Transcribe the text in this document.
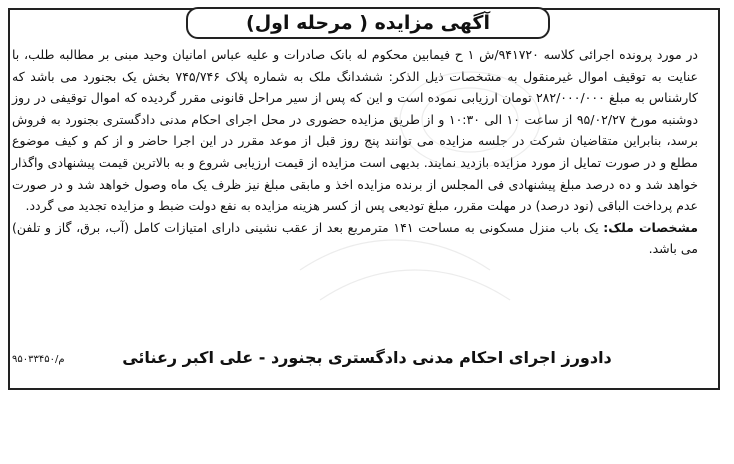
آگهی مزایده ( مرحله اول)

در مورد پرونده اجرائی کلاسه ۹۴۱۷۲۰/ش ۱ ح فیمابین محکوم له بانک صادرات و علیه عباس امانیان وحید مبنی بر مطالبه طلب، با عنایت به توقیف اموال غیرمنقول به مشخصات ذیل الذکر: ششدانگ ملک به شماره پلاک ۷۴۵/۷۴۶ بخش یک بجنورد می باشد که کارشناس به مبلغ ۲۸۲/۰۰۰/۰۰۰ تومان ارزیابی نموده است و این که پس از سیر مراحل قانونی مقرر گردیده که اموال توقیفی در روز دوشنبه مورخ ۹۵/۰۲/۲۷ از ساعت ۱۰ الی ۱۰:۳۰ و از طریق مزایده حضوری در محل اجرای احکام مدنی دادگستری بجنورد به فروش برسد، بنابراین متقاضیان شرکت در جلسه مزایده می توانند پنج روز قبل از موعد مقرر در این اجرا حاضر و از کم و کیف موضوع مطلع و در صورت تمایل از مورد مزایده بازدید نمایند. بدیهی است مزایده از قیمت ارزیابی شروع و به بالاترین قیمت پیشنهادی واگذار خواهد شد و ده درصد مبلغ پیشنهادی فی المجلس از برنده مزایده اخذ و مابقی مبلغ نیز ظرف یک ماه وصول خواهد شد و در صورت عدم پرداخت الباقی (نود درصد) در مهلت مقرر، مبلغ تودیعی پس از کسر هزینه مزایده به نفع دولت ضبط و مزایده تجدید می گردد.

مشخصات ملک: یک باب منزل مسکونی به مساحت ۱۴۱ مترمربع بعد از عقب نشینی دارای امتیازات کامل (آب، برق، گاز و تلفن) می باشد.

دادورز اجرای احکام مدنی دادگستری بجنورد - علی اکبر رعنائی
م/۹۵۰۳۳۴۵۰
